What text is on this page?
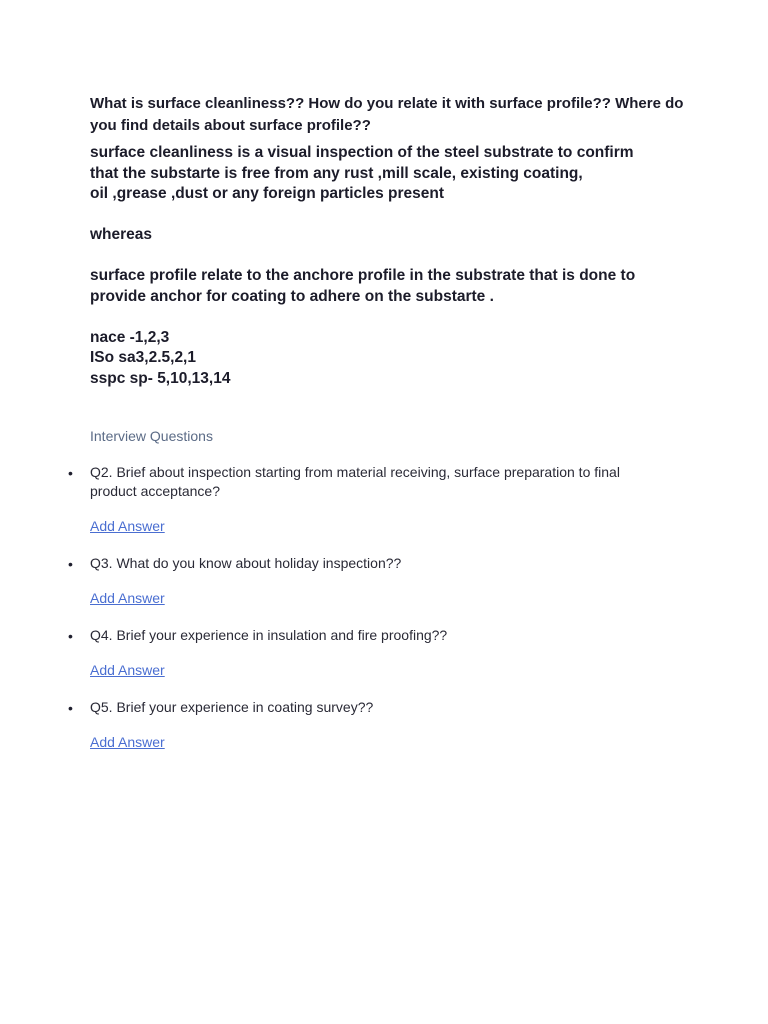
What is surface cleanliness?? How do you relate it with surface profile?? Where do you find details about surface profile??

surface cleanliness is a visual inspection of the steel substrate to confirm

that the substarte is free from any rust ,mill scale, existing coating,

oil ,grease ,dust or any foreign particles present

whereas

surface profile relate to the anchore profile in the substrate that is done to provide anchor for coating to adhere on the substarte .

nace -1,2,3

ISo sa3,2.5,2,1

sspc sp- 5,10,13,14

Interview Questions
• Q2. Brief about inspection starting from material receiving, surface preparation to final product acceptance?

Add Answer
• Q3. What do you know about holiday inspection??

Add Answer
• Q4. Brief your experience in insulation and fire proofing??

Add Answer
• Q5. Brief your experience in coating survey??

Add Answer
